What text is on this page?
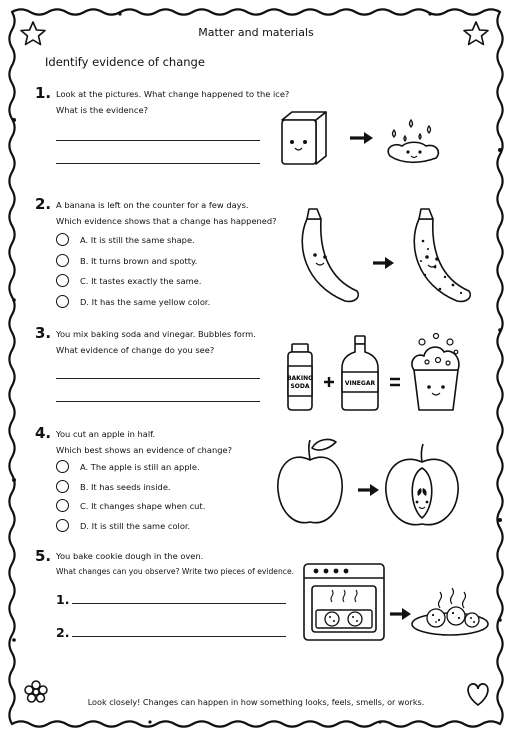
Matter and materials
Identify evidence of change
1. Look at the pictures. What change happened to the ice?
What is the evidence?
2. A banana is left on the counter for a few days.
Which evidence shows that a change has happened?
A. It is still the same shape.
B. It turns brown and spotty.
C. It tastes exactly the same.
D. It has the same yellow color.
3. You mix baking soda and vinegar. Bubbles form.
What evidence of change do you see?
BAKING
SODA	VINEGAR
4. You cut an apple in half.
Which best shows an evidence of change?
A. The apple is still an apple.
B. It has seeds inside.
C. It changes shape when cut.
D. It is still the same color.
5. You bake cookie dough in the oven.
What changes can you observe? Write two pieces of evidence.
1.
2.
Look closely! Changes can happen in how something looks, feels, smells, or works.
